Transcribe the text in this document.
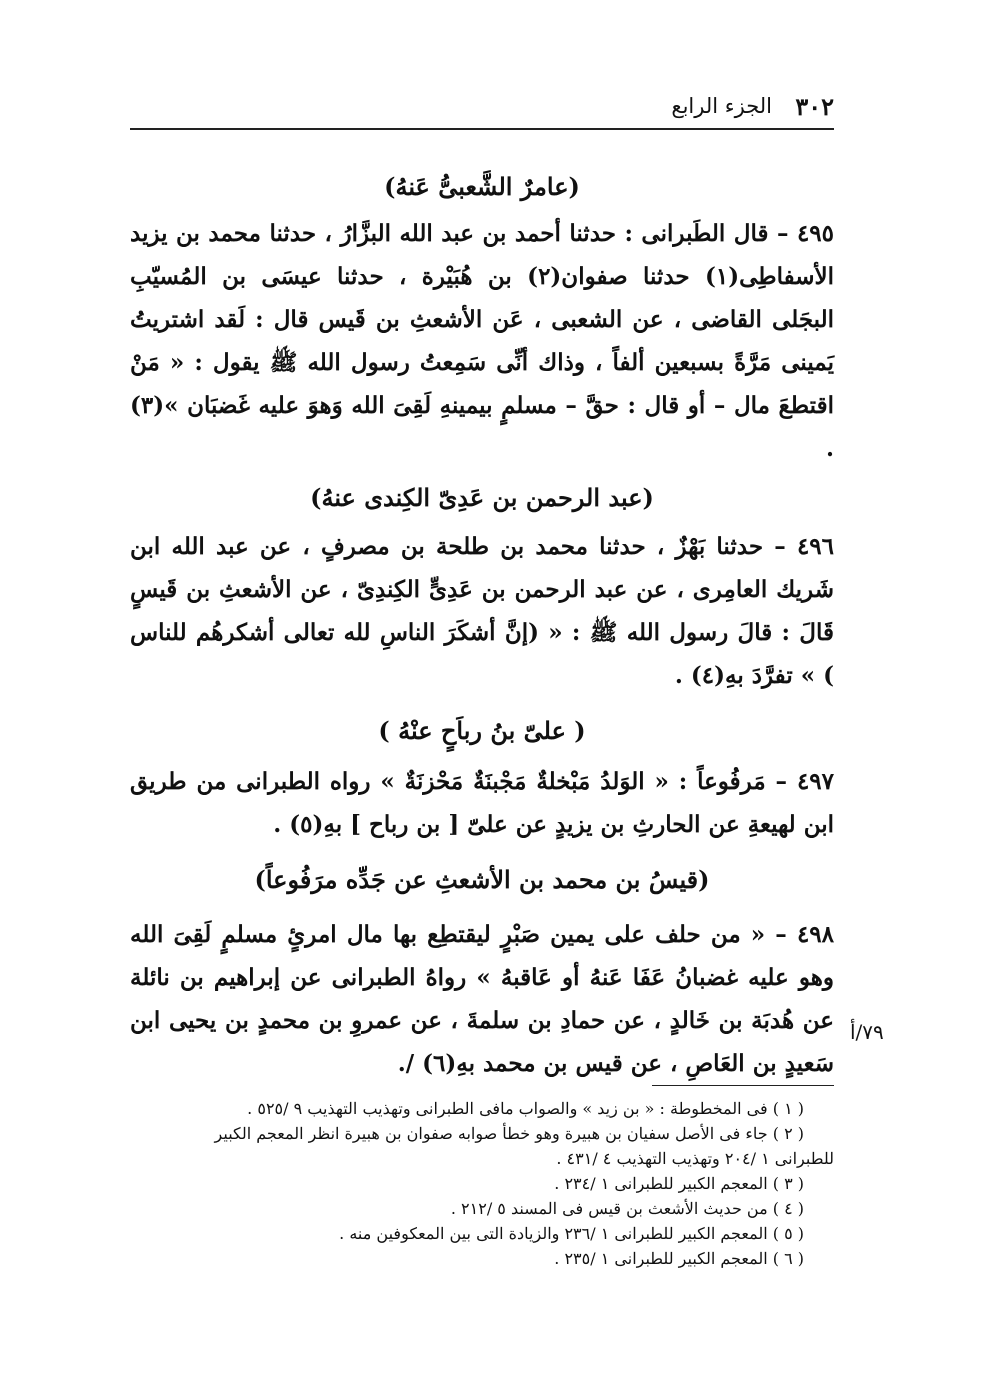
٣٠٢
الجزء الرابع

(عامرٌ الشَّعبىُّ عَنهُ)

٤٩٥ – قال الطَبرانى : حدثنا أحمد بن عبد الله البزَّارُ ، حدثنا محمد بن يزيد الأسفاطِى(١) حدثنا صفوان(٢) بن هُبَيْرة ، حدثنا عيسَى بن المُسيّبِ البجَلى القاضى ، عن الشعبى ، عَن الأشعثِ بن قَيس قال : لَقد اشتريتُ يَمينى مَرَّةً بسبعين ألفاً ، وذاك أنِّى سَمِعتُ رسول الله ﷺ يقول : « مَنْ اقتطعَ مال – أو قال : حقَّ – مسلمٍ بيمينهِ لَقِىَ الله وَهوَ عليه غَضبَان »(٣) .

(عبد الرحمن بن عَدِىّ الكِندى عنهُ)

٤٩٦ – حدثنا بَهْزٌ ، حدثنا محمد بن طلحة بن مصرفٍ ، عن عبد الله ابن شَريك العامِرى ، عن عبد الرحمن بن عَدِىٍّ الكِندِىّ ، عن الأشعثِ بن قَيسٍ قَالَ : قالَ رسول الله ﷺ : « (إنَّ أشكَرَ الناسِ لله تعالى أشكرهُم للناس ) » تفرَّدَ بهِ(٤) .

( علىّ بنُ رباَحٍ عنْهُ )

٤٩٧ – مَرفُوعاً : « الوَلدُ مَبْخلةٌ مَجْبنَةٌ مَحْزنَةٌ » رواه الطبرانى من طريق ابن لهيعةِ عن الحارثِ بن يزيدٍ عن علىّ [ بن رباح ] بهِ(٥) .

(قيسُ بن محمد بن الأشعثِ عن جَدِّه مرَفُوعاً)

٤٩٨ – « من حلف على يمين صَبْرٍ ليقتطِع بها مال امرئٍ مسلمٍ لَقِىَ الله وهو عليه غضبانُ عَفَا عَنهُ أو عَاقبهُ » رواهُ الطبرانى عن إبراهيم بن نائلة عن هُدبَة بن خَالدٍ ، عن حمادِ بن سلمةَ ، عن عمروِ بن محمدٍ بن يحيى ابن سَعيدٍ بن العَاصِ ، عن قيس بن محمد بهِ(٦) /.

٧٩/أ

( ١ ) فى المخطوطة : « بن زيد » والصواب مافى الطبرانى وتهذيب التهذيب ٩ /٥٢٥ .

( ٢ ) جاء فى الأصل سفيان بن هبيرة وهو خطأ صوابه صفوان بن هبيرة انظر المعجم الكبير

للطبرانى ١ /٢٠٤ وتهذيب التهذيب ٤ /٤٣١ .

( ٣ ) المعجم الكبير للطبرانى ١ /٢٣٤ .

( ٤ ) من حديث الأشعث بن قيس فى المسند ٥ /٢١٢ .

( ٥ ) المعجم الكبير للطبرانى ١ /٢٣٦ والزيادة التى بين المعكوفين منه .

( ٦ ) المعجم الكبير للطبرانى ١ /٢٣٥ .
